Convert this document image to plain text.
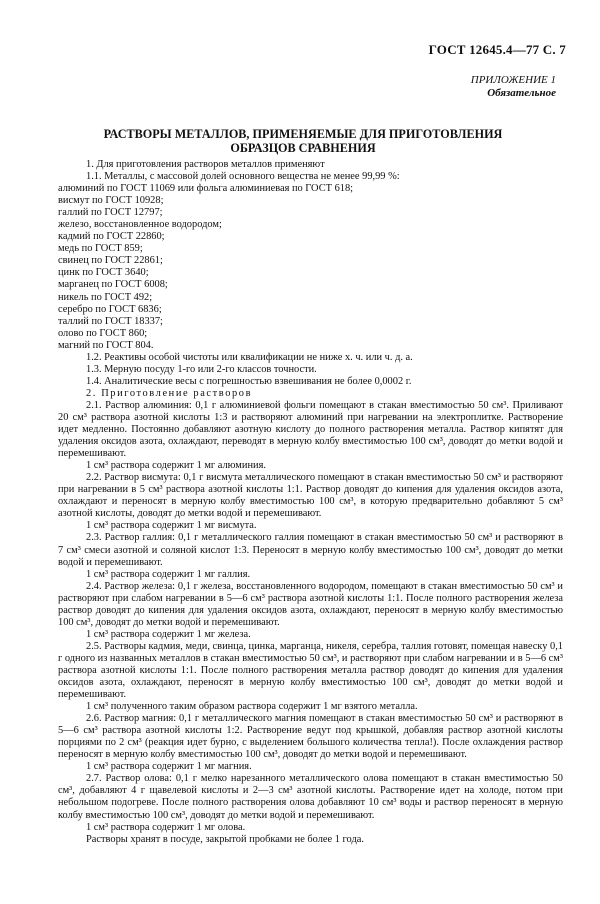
ГОСТ 12645.4—77 С. 7
ПРИЛОЖЕНИЕ 1
Обязательное
РАСТВОРЫ МЕТАЛЛОВ, ПРИМЕНЯЕМЫЕ ДЛЯ ПРИГОТОВЛЕНИЯ
ОБРАЗЦОВ СРАВНЕНИЯ

1. Для приготовления растворов металлов применяют

1.1. Металлы, с массовой долей основного вещества не менее 99,99 %:

алюминий по ГОСТ 11069 или фольга алюминиевая по ГОСТ 618;

висмут по ГОСТ 10928;

галлий по ГОСТ 12797;

железо, восстановленное водородом;

кадмий по ГОСТ 22860;

медь по ГОСТ 859;

свинец по ГОСТ 22861;

цинк по ГОСТ 3640;

марганец по ГОСТ 6008;

никель по ГОСТ 492;

серебро по ГОСТ 6836;

таллий по ГОСТ 18337;

олово по ГОСТ 860;

магний по ГОСТ 804.

1.2. Реактивы особой чистоты или квалификации не ниже х. ч. или ч. д. а.

1.3. Мерную посуду 1-го или 2-го классов точности.

1.4. Аналитические весы с погрешностью взвешивания не более 0,0002 г.

2. Приготовление растворов

2.1. Раствор алюминия: 0,1 г алюминиевой фольги помещают в стакан вместимостью 50 см³. Приливают 20 см³ раствора азотной кислоты 1:3 и растворяют алюминий при нагревании на электроплитке. Растворение идет медленно. Постоянно добавляют азотную кислоту до полного растворения металла. Раствор кипятят для удаления оксидов азота, охлаждают, переводят в мерную колбу вместимостью 100 см³, доводят до метки водой и перемешивают.

1 см³ раствора содержит 1 мг алюминия.

2.2. Раствор висмута: 0,1 г висмута металлического помещают в стакан вместимостью 50 см³ и растворяют при нагревании в 5 см³ раствора азотной кислоты 1:1. Раствор доводят до кипения для удаления оксидов азота, охлаждают и переносят в мерную колбу вместимостью 100 см³, в которую предварительно добавляют 5 см³ азотной кислоты, доводят до метки водой и перемешивают.

1 см³ раствора содержит 1 мг висмута.

2.3. Раствор галлия: 0,1 г металлического галлия помещают в стакан вместимостью 50 см³ и растворяют в 7 см³ смеси азотной и соляной кислот 1:3. Переносят в мерную колбу вместимостью 100 см³, доводят до метки водой и перемешивают.

1 см³ раствора содержит 1 мг галлия.

2.4. Раствор железа: 0,1 г железа, восстановленного водородом, помещают в стакан вместимостью 50 см³ и растворяют при слабом нагревании в 5—6 см³ раствора азотной кислоты 1:1. После полного растворения железа раствор доводят до кипения для удаления оксидов азота, охлаждают, переносят в мерную колбу вместимостью 100 см³, доводят до метки водой и перемешивают.

1 см³ раствора содержит 1 мг железа.

2.5. Растворы кадмия, меди, свинца, цинка, марганца, никеля, серебра, таллия готовят, помещая навеску 0,1 г одного из названных металлов в стакан вместимостью 50 см³, и растворяют при слабом нагревании и в 5—6 см³ раствора азотной кислоты 1:1. После полного растворения металла раствор доводят до кипения для удаления оксидов азота, охлаждают, переносят в мерную колбу вместимостью 100 см³, доводят до метки водой и перемешивают.

1 см³ полученного таким образом раствора содержит 1 мг взятого металла.

2.6. Раствор магния: 0,1 г металлического магния помещают в стакан вместимостью 50 см³ и растворяют в 5—6 см³ раствора азотной кислоты 1:2. Растворение ведут под крышкой, добавляя раствор азотной кислоты порциями по 2 см³ (реакция идет бурно, с выделением большого количества тепла!). После охлаждения раствор переносят в мерную колбу вместимостью 100 см³, доводят до метки водой и перемешивают.

1 см³ раствора содержит 1 мг магния.

2.7. Раствор олова: 0,1 г мелко нарезанного металлического олова помещают в стакан вместимостью 50 см³, добавляют 4 г щавелевой кислоты и 2—3 см³ азотной кислоты. Растворение идет на холоде, потом при небольшом подогреве. После полного растворения олова добавляют 10 см³ воды и раствор переносят в мерную колбу вместимостью 100 см³, доводят до метки водой и перемешивают.

1 см³ раствора содержит 1 мг олова.

Растворы хранят в посуде, закрытой пробками не более 1 года.
